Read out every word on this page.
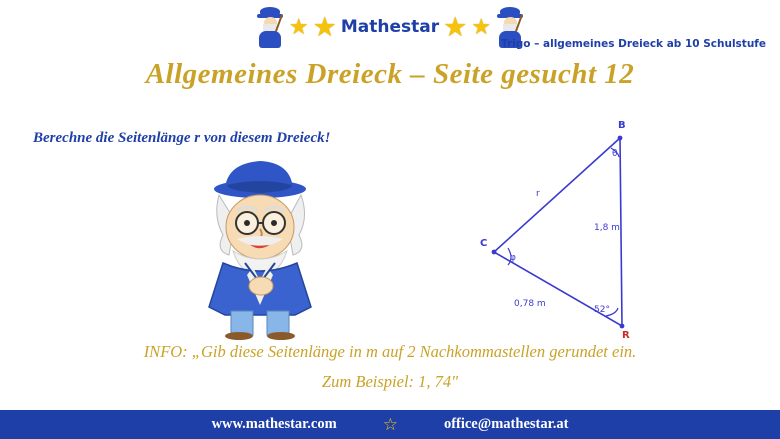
★ ★ Mathestar ★ ★
Trigo – allgemeines Dreieck ab 10 Schulstufe
Allgemeines Dreieck – Seite gesucht 12
Berechne die Seitenlänge r von diesem Dreieck!
B
C
R
θ
φ
52°
r
1,8 m
0,78 m
INFO: „Gib diese Seitenlänge in m auf 2 Nachkommastellen gerundet ein.
Zum Beispiel: 1, 74"
www.mathestar.com	☆	office@mathestar.at
